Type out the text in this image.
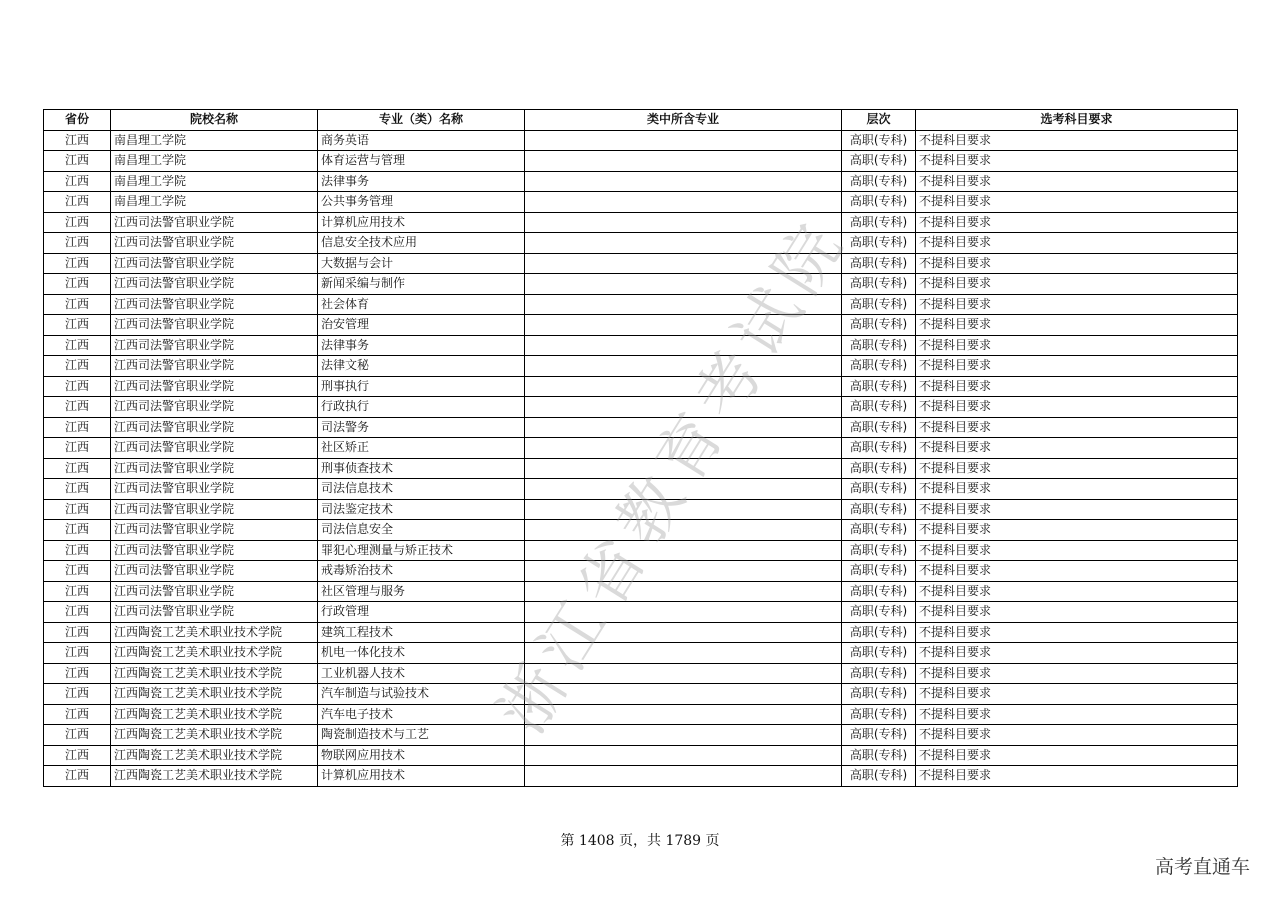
省份	院校名称	专业（类）名称	类中所含专业	层次	选考科目要求
江西	南昌理工学院	商务英语		高职(专科)	不提科目要求
江西	南昌理工学院	体育运营与管理		高职(专科)	不提科目要求
江西	南昌理工学院	法律事务		高职(专科)	不提科目要求
江西	南昌理工学院	公共事务管理		高职(专科)	不提科目要求
江西	江西司法警官职业学院	计算机应用技术		高职(专科)	不提科目要求
江西	江西司法警官职业学院	信息安全技术应用		高职(专科)	不提科目要求
江西	江西司法警官职业学院	大数据与会计		高职(专科)	不提科目要求
江西	江西司法警官职业学院	新闻采编与制作		高职(专科)	不提科目要求
江西	江西司法警官职业学院	社会体育		高职(专科)	不提科目要求
江西	江西司法警官职业学院	治安管理		高职(专科)	不提科目要求
江西	江西司法警官职业学院	法律事务		高职(专科)	不提科目要求
江西	江西司法警官职业学院	法律文秘		高职(专科)	不提科目要求
江西	江西司法警官职业学院	刑事执行		高职(专科)	不提科目要求
江西	江西司法警官职业学院	行政执行		高职(专科)	不提科目要求
江西	江西司法警官职业学院	司法警务		高职(专科)	不提科目要求
江西	江西司法警官职业学院	社区矫正		高职(专科)	不提科目要求
江西	江西司法警官职业学院	刑事侦查技术		高职(专科)	不提科目要求
江西	江西司法警官职业学院	司法信息技术		高职(专科)	不提科目要求
江西	江西司法警官职业学院	司法鉴定技术		高职(专科)	不提科目要求
江西	江西司法警官职业学院	司法信息安全		高职(专科)	不提科目要求
江西	江西司法警官职业学院	罪犯心理测量与矫正技术		高职(专科)	不提科目要求
江西	江西司法警官职业学院	戒毒矫治技术		高职(专科)	不提科目要求
江西	江西司法警官职业学院	社区管理与服务		高职(专科)	不提科目要求
江西	江西司法警官职业学院	行政管理		高职(专科)	不提科目要求
江西	江西陶瓷工艺美术职业技术学院	建筑工程技术		高职(专科)	不提科目要求
江西	江西陶瓷工艺美术职业技术学院	机电一体化技术		高职(专科)	不提科目要求
江西	江西陶瓷工艺美术职业技术学院	工业机器人技术		高职(专科)	不提科目要求
江西	江西陶瓷工艺美术职业技术学院	汽车制造与试验技术		高职(专科)	不提科目要求
江西	江西陶瓷工艺美术职业技术学院	汽车电子技术		高职(专科)	不提科目要求
江西	江西陶瓷工艺美术职业技术学院	陶瓷制造技术与工艺		高职(专科)	不提科目要求
江西	江西陶瓷工艺美术职业技术学院	物联网应用技术		高职(专科)	不提科目要求
江西	江西陶瓷工艺美术职业技术学院	计算机应用技术		高职(专科)	不提科目要求
浙江省教育考试院
第 1408 页，共 1789 页
高考直通车
